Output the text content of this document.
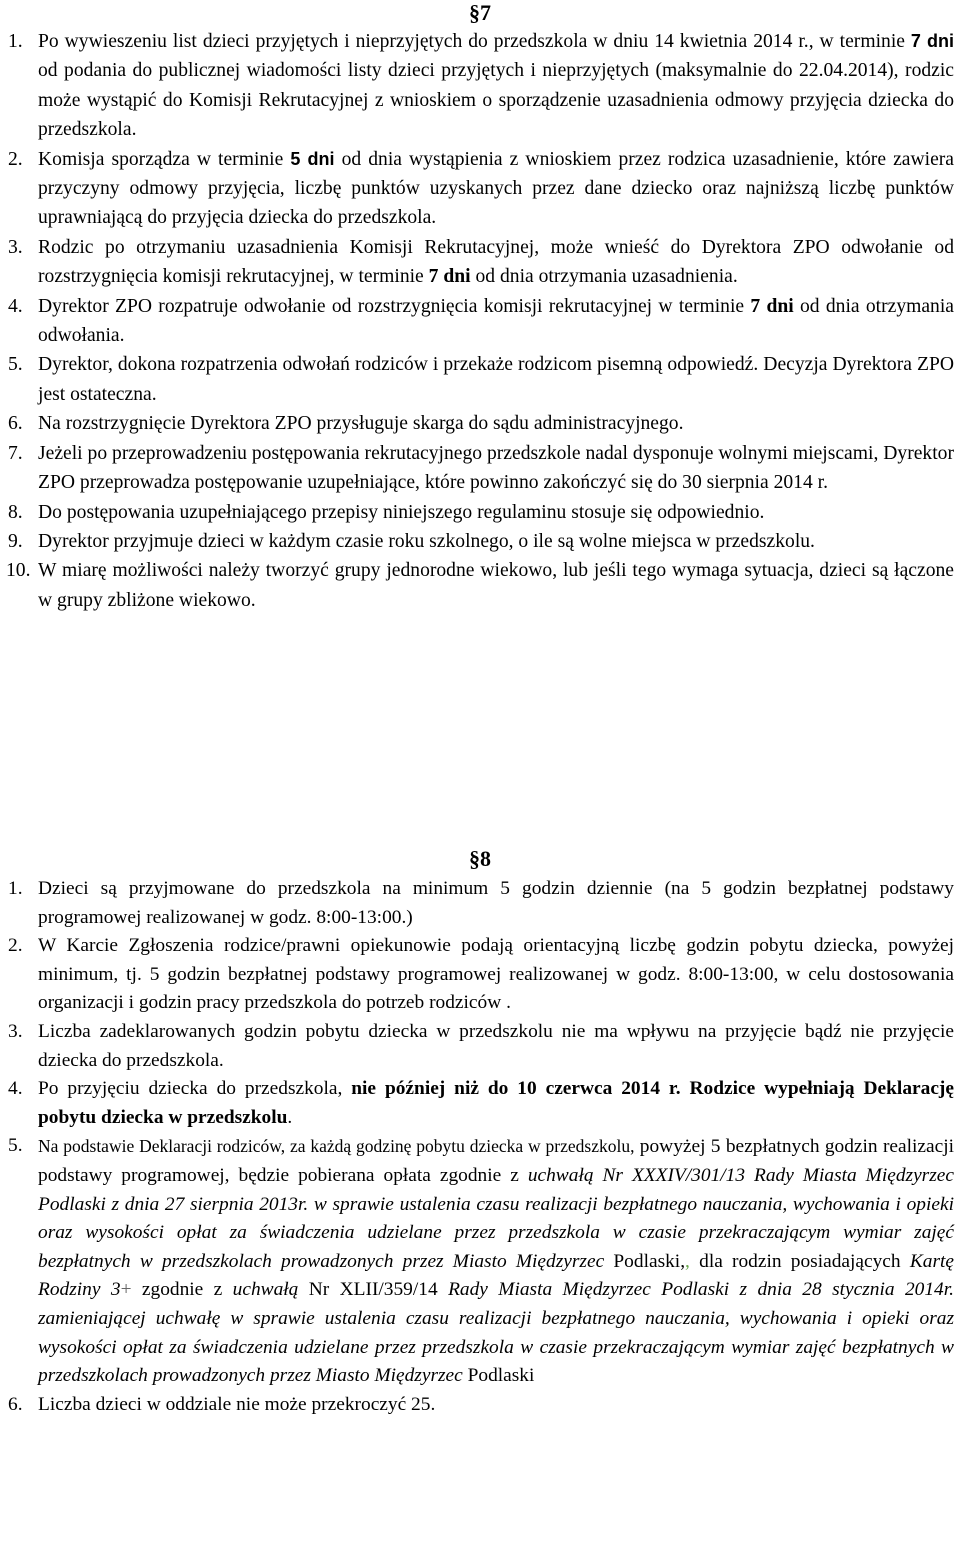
§7
1. Po wywieszeniu list dzieci przyjętych i nieprzyjętych do przedszkola w dniu 14 kwietnia 2014 r., w terminie 7 dni od podania do publicznej wiadomości listy dzieci przyjętych i nieprzyjętych (maksymalnie do 22.04.2014), rodzic może wystąpić do Komisji Rekrutacyjnej z wnioskiem o sporządzenie uzasadnienia odmowy przyjęcia dziecka do przedszkola.
2. Komisja sporządza w terminie 5 dni od dnia wystąpienia z wnioskiem przez rodzica uzasadnienie, które zawiera przyczyny odmowy przyjęcia, liczbę punktów uzyskanych przez dane dziecko oraz najniższą liczbę punktów uprawniającą do przyjęcia dziecka do przedszkola.
3. Rodzic po otrzymaniu uzasadnienia Komisji Rekrutacyjnej, może wnieść do Dyrektora ZPO odwołanie od rozstrzygnięcia komisji rekrutacyjnej, w terminie 7 dni od dnia otrzymania uzasadnienia.
4. Dyrektor ZPO rozpatruje odwołanie od rozstrzygnięcia komisji rekrutacyjnej w terminie 7 dni od dnia otrzymania odwołania.
5. Dyrektor, dokona rozpatrzenia odwołań rodziców i przekaże rodzicom pisemną odpowiedź. Decyzja Dyrektora ZPO jest ostateczna.
6. Na rozstrzygnięcie Dyrektora ZPO przysługuje skarga do sądu administracyjnego.
7. Jeżeli po przeprowadzeniu postępowania rekrutacyjnego przedszkole nadal dysponuje wolnymi miejscami, Dyrektor ZPO przeprowadza postępowanie uzupełniające, które powinno zakończyć się do 30 sierpnia 2014 r.
8. Do postępowania uzupełniającego przepisy niniejszego regulaminu stosuje się odpowiednio.
9. Dyrektor przyjmuje dzieci w każdym czasie roku szkolnego, o ile są wolne miejsca w przedszkolu.
10. W miarę możliwości należy tworzyć grupy jednorodne wiekowo, lub jeśli tego wymaga sytuacja, dzieci są łączone w grupy zbliżone wiekowo.
§8
1. Dzieci są przyjmowane do przedszkola na minimum 5 godzin dziennie (na 5 godzin bezpłatnej podstawy programowej realizowanej w godz. 8:00-13:00.)
2. W Karcie Zgłoszenia rodzice/prawni opiekunowie podają orientacyjną liczbę godzin pobytu dziecka, powyżej minimum, tj. 5 godzin bezpłatnej podstawy programowej realizowanej w godz. 8:00-13:00, w celu dostosowania organizacji i godzin pracy przedszkola do potrzeb rodziców .
3. Liczba zadeklarowanych godzin pobytu dziecka w przedszkolu nie ma wpływu na przyjęcie bądź nie przyjęcie dziecka do przedszkola.
4. Po przyjęciu dziecka do przedszkola, nie później niż do 10 czerwca 2014 r. Rodzice wypełniają Deklarację pobytu dziecka w przedszkolu.
5. Na podstawie Deklaracji rodziców, za każdą godzinę pobytu dziecka w przedszkolu, powyżej 5 bezpłatnych godzin realizacji podstawy programowej, będzie pobierana opłata zgodnie z uchwałą Nr XXXIV/301/13 Rady Miasta Międzyrzec Podlaski z dnia 27 sierpnia 2013r. w sprawie ustalenia czasu realizacji bezpłatnego nauczania, wychowania i opieki oraz wysokości opłat za świadczenia udzielane przez przedszkola w czasie przekraczającym wymiar zajęć bezpłatnych w przedszkolach prowadzonych przez Miasto Międzyrzec Podlaski,, dla rodzin posiadających Kartę Rodziny 3+ zgodnie z uchwałą Nr XLII/359/14 Rady Miasta Międzyrzec Podlaski z dnia 28 stycznia 2014r. zamieniającej uchwałę w sprawie ustalenia czasu realizacji bezpłatnego nauczania, wychowania i opieki oraz wysokości opłat za świadczenia udzielane przez przedszkola w czasie przekraczającym wymiar zajęć bezpłatnych w przedszkolach prowadzonych przez Miasto Międzyrzec Podlaski
6. Liczba dzieci w oddziale nie może przekroczyć 25.
